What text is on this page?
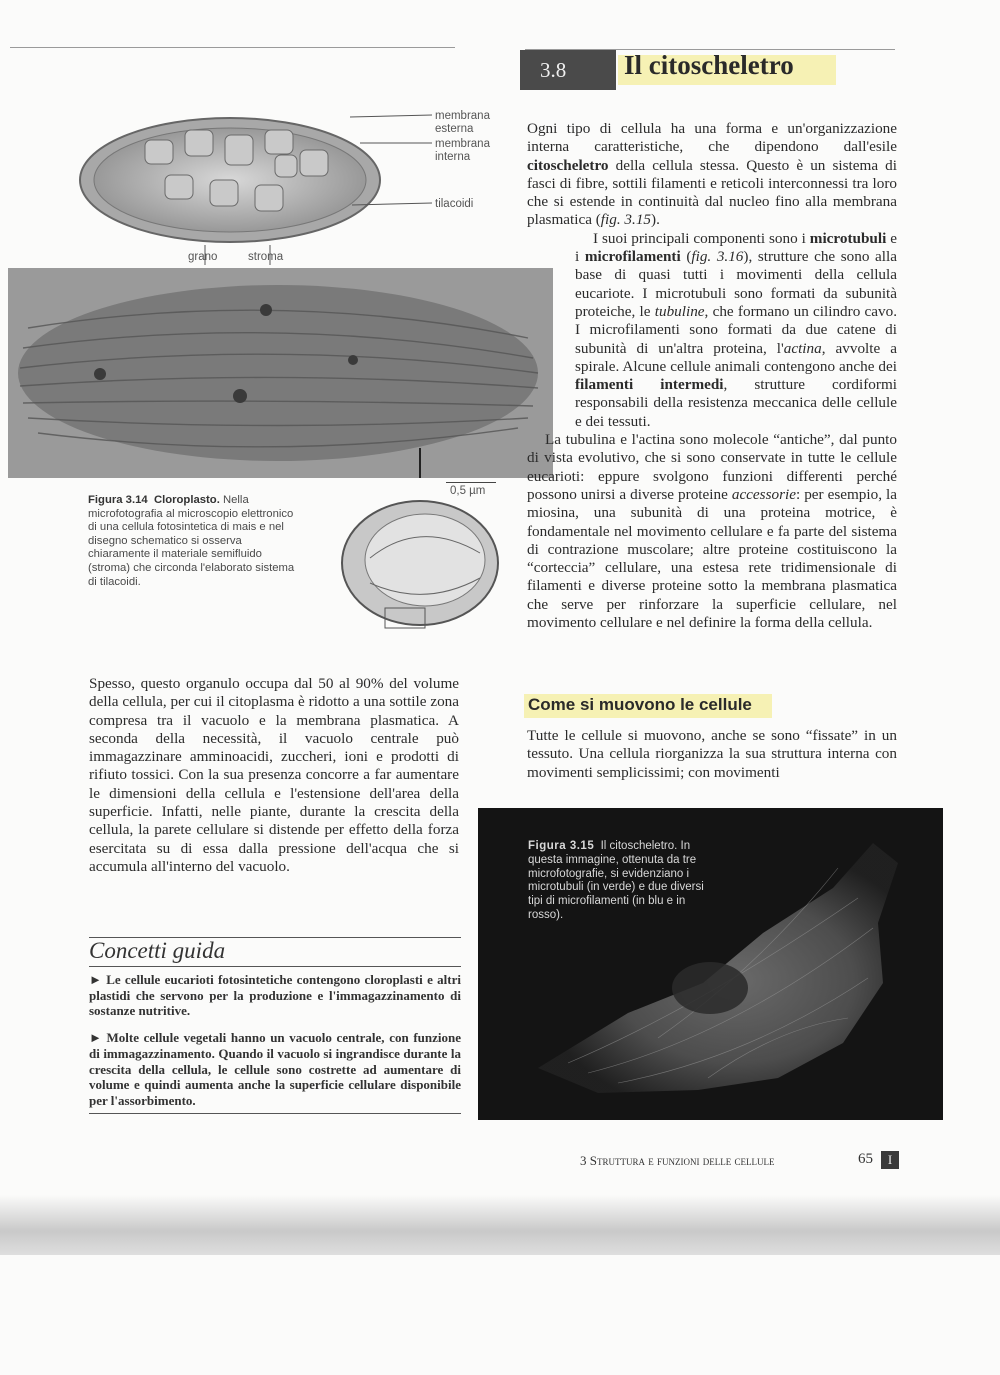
3.8 Il citoscheletro
membrana
esterna
membrana
interna
tilacoidi
grano	stroma
0,5 µm
Figura 3.14 Cloroplasto. Nella microfotografia al microscopio elettronico di una cellula fotosintetica di mais e nel disegno schematico si osserva chiaramente il materiale semifluido (stroma) che circonda l'elaborato sistema di tilacoidi.
Spesso, questo organulo occupa dal 50 al 90% del volume della cellula, per cui il citoplasma è ridotto a una sottile zona compresa tra il vacuolo e la membrana plasmatica. A seconda della necessità, il vacuolo centrale può immagazzinare amminoacidi, zuccheri, ioni e prodotti di rifiuto tossici. Con la sua presenza concorre a far aumentare le dimensioni della cellula e l'estensione dell'area della superficie. Infatti, nelle piante, durante la crescita della cellula, la parete cellulare si distende per effetto della forza esercitata su di essa dalla pressione dell'acqua che si accumula all'interno del vacuolo.
Concetti guida
► Le cellule eucarioti fotosintetiche contengono cloroplasti e altri plastidi che servono per la produzione e l'immagazzinamento di sostanze nutritive.
► Molte cellule vegetali hanno un vacuolo centrale, con funzione di immagazzinamento. Quando il vacuolo si ingrandisce durante la crescita della cellula, le cellule sono costrette ad aumentare di volume e quindi aumenta anche la superficie cellulare disponibile per l'assorbimento.

Ogni tipo di cellula ha una forma e un'organizzazione interna caratteristiche, che dipendono dall'esile citoscheletro della cellula stessa. Questo è un sistema di fasci di fibre, sottili filamenti e reticoli interconnessi tra loro che si estende in continuità dal nucleo fino alla membrana plasmatica (fig. 3.15).

I suoi principali componenti sono i microtubuli e i microfilamenti (fig. 3.16), strutture che sono alla base di quasi tutti i movimenti della cellula eucariote. I microtubuli sono formati da subunità proteiche, le tubuline, che formano un cilindro cavo. I microfilamenti sono formati da due catene di subunità di un'altra proteina, l'actina, avvolte a spirale. Alcune cellule animali contengono anche dei filamenti intermedi, strutture cordiformi responsabili della resistenza meccanica delle cellule e dei tessuti.

La tubulina e l'actina sono molecole “antiche”, dal punto di vista evolutivo, che si sono conservate in tutte le cellule eucarioti: eppure svolgono funzioni differenti perché possono unirsi a diverse proteine accessorie: per esempio, la miosina, una subunità di una proteina motrice, è fondamentale nel movimento cellulare e fa parte del sistema di contrazione muscolare; altre proteine costituiscono la “corteccia” cellulare, una estesa rete tridimensionale di filamenti e diverse proteine sotto la membrana plasmatica che serve per rinforzare la superficie cellulare, nel movimento cellulare e nel definire la forma della cellula.

Come si muovono le cellule
Tutte le cellule si muovono, anche se sono “fissate” in un tessuto. Una cellula riorganizza la sua struttura interna con movimenti semplicissimi; con movimenti
Figura 3.15 Il citoscheletro. In questa immagine, ottenuta da tre microfotografie, si evidenziano i microtubuli (in verde) e due diversi tipi di microfilamenti (in blu e in rosso).
3 Struttura e funzioni delle cellule	65	I
